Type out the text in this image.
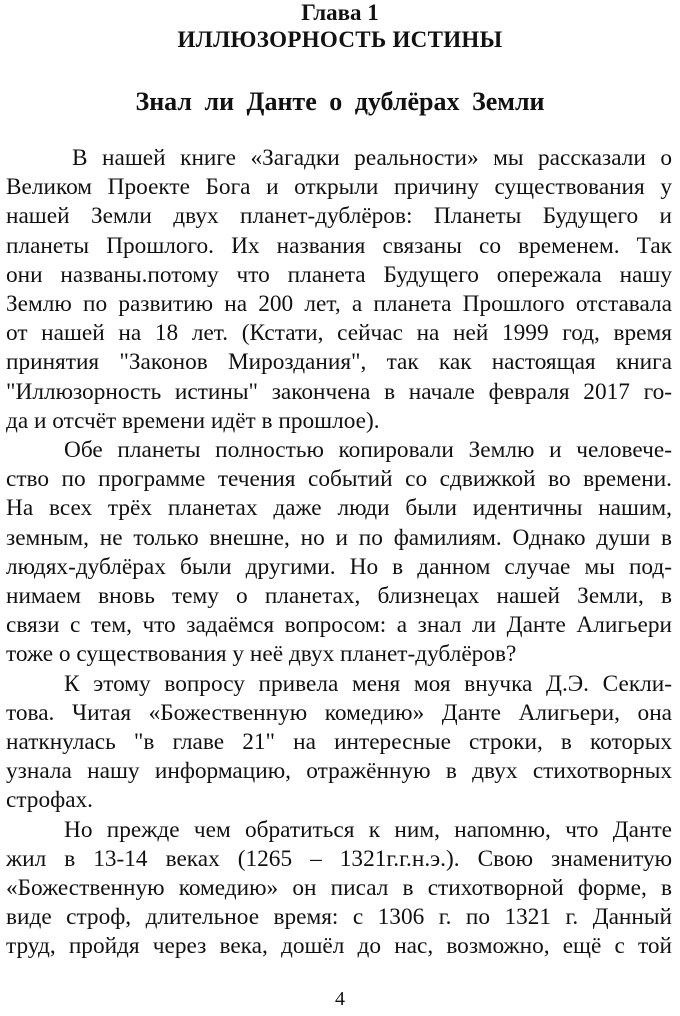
Глава 1
ИЛЛЮЗОРНОСТЬ ИСТИНЫ
Знал ли Данте о дублёрах Земли
В нашей книге «Загадки реальности» мы рассказали о
Великом Проекте Бога и открыли причину существования у
нашей Земли двух планет-дублёров: Планеты Будущего и
планеты Прошлого. Их названия связаны со временем. Так
они названы.потому что планета Будущего опережала нашу
Землю по развитию на 200 лет, а планета Прошлого отставала
от нашей на 18 лет. (Кстати, сейчас на ней 1999 год, время
принятия "Законов Мироздания", так как настоящая книга
"Иллюзорность истины" закончена в начале февраля 2017 го-
да и отсчёт времени идёт в прошлое).
Обе планеты полностью копировали Землю и человече-
ство по программе течения событий со сдвижкой во времени.
На всех трёх планетах даже люди были идентичны нашим,
земным, не только внешне, но и по фамилиям. Однако души в
людях-дублёрах были другими. Но в данном случае мы под-
нимаем вновь тему о планетах, близнецах нашей Земли, в
связи с тем, что задаёмся вопросом: а знал ли Данте Алигьери
тоже о существования у неё двух планет-дублёров?
К этому вопросу привела меня моя внучка Д.Э. Секли-
това. Читая «Божественную комедию» Данте Алигьери, она
наткнулась "в главе 21" на интересные строки, в которых
узнала нашу информацию, отражённую в двух стихотворных
строфах.
Но прежде чем обратиться к ним, напомню, что Данте
жил в 13-14 веках (1265 – 1321г.г.н.э.). Свою знаменитую
«Божественную комедию» он писал в стихотворной форме, в
виде строф, длительное время: с 1306 г. по 1321 г. Данный
труд, пройдя через века, дошёл до нас, возможно, ещё с той
4
